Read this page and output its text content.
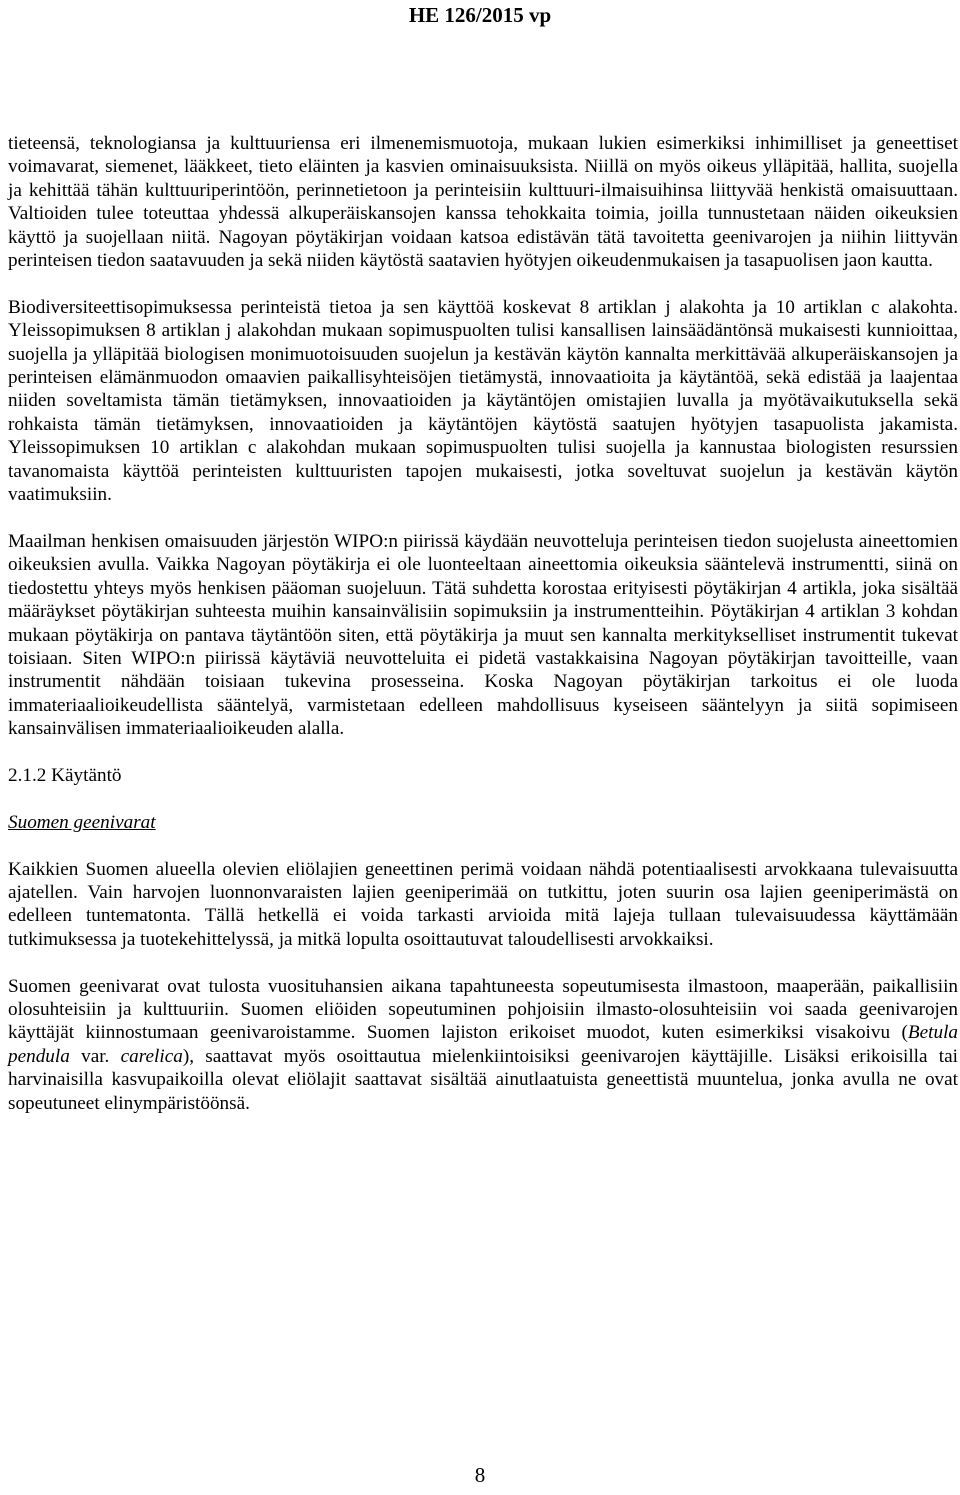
HE 126/2015 vp

tieteensä, teknologiansa ja kulttuuriensa eri ilmenemismuotoja, mukaan lukien esimerkiksi inhimilliset ja geneettiset voimavarat, siemenet, lääkkeet, tieto eläinten ja kasvien ominaisuuksista. Niillä on myös oikeus ylläpitää, hallita, suojella ja kehittää tähän kulttuuriperintöön, perinnetietoon ja perinteisiin kulttuuri-ilmaisuihinsa liittyvää henkistä omaisuuttaan. Valtioiden tulee toteuttaa yhdessä alkuperäiskansojen kanssa tehokkaita toimia, joilla tunnustetaan näiden oikeuksien käyttö ja suojellaan niitä. Nagoyan pöytäkirjan voidaan katsoa edistävän tätä tavoitetta geenivarojen ja niihin liittyvän perinteisen tiedon saatavuuden ja sekä niiden käytöstä saatavien hyötyjen oikeudenmukaisen ja tasapuolisen jaon kautta.

Biodiversiteettisopimuksessa perinteistä tietoa ja sen käyttöä koskevat 8 artiklan j alakohta ja 10 artiklan c alakohta. Yleissopimuksen 8 artiklan j alakohdan mukaan sopimuspuolten tulisi kansallisen lainsäädäntönsä mukaisesti kunnioittaa, suojella ja ylläpitää biologisen monimuotoisuuden suojelun ja kestävän käytön kannalta merkittävää alkuperäiskansojen ja perinteisen elämänmuodon omaavien paikallisyhteisöjen tietämystä, innovaatioita ja käytäntöä, sekä edistää ja laajentaa niiden soveltamista tämän tietämyksen, innovaatioiden ja käytäntöjen omistajien luvalla ja myötävaikutuksella sekä rohkaista tämän tietämyksen, innovaatioiden ja käytäntöjen käytöstä saatujen hyötyjen tasapuolista jakamista. Yleissopimuksen 10 artiklan c alakohdan mukaan sopimuspuolten tulisi suojella ja kannustaa biologisten resurssien tavanomaista käyttöä perinteisten kulttuuristen tapojen mukaisesti, jotka soveltuvat suojelun ja kestävän käytön vaatimuksiin.

Maailman henkisen omaisuuden järjestön WIPO:n piirissä käydään neuvotteluja perinteisen tiedon suojelusta aineettomien oikeuksien avulla. Vaikka Nagoyan pöytäkirja ei ole luonteeltaan aineettomia oikeuksia sääntelevä instrumentti, siinä on tiedostettu yhteys myös henkisen pääoman suojeluun. Tätä suhdetta korostaa erityisesti pöytäkirjan 4 artikla, joka sisältää määräykset pöytäkirjan suhteesta muihin kansainvälisiin sopimuksiin ja instrumentteihin. Pöytäkirjan 4 artiklan 3 kohdan mukaan pöytäkirja on pantava täytäntöön siten, että pöytäkirja ja muut sen kannalta merkitykselliset instrumentit tukevat toisiaan. Siten WIPO:n piirissä käytäviä neuvotteluita ei pidetä vastakkaisina Nagoyan pöytäkirjan tavoitteille, vaan instrumentit nähdään toisiaan tukevina prosesseina. Koska Nagoyan pöytäkirjan tarkoitus ei ole luoda immateriaalioikeudellista sääntelyä, varmistetaan edelleen mahdollisuus kyseiseen sääntelyyn ja siitä sopimiseen kansainvälisen immateriaalioikeuden alalla.

2.1.2 Käytäntö

Suomen geenivarat

Kaikkien Suomen alueella olevien eliölajien geneettinen perimä voidaan nähdä potentiaalisesti arvokkaana tulevaisuutta ajatellen. Vain harvojen luonnonvaraisten lajien geeniperimää on tutkittu, joten suurin osa lajien geeniperimästä on edelleen tuntematonta. Tällä hetkellä ei voida tarkasti arvioida mitä lajeja tullaan tulevaisuudessa käyttämään tutkimuksessa ja tuotekehittelyssä, ja mitkä lopulta osoittautuvat taloudellisesti arvokkaiksi.

Suomen geenivarat ovat tulosta vuosituhansien aikana tapahtuneesta sopeutumisesta ilmastoon, maaperään, paikallisiin olosuhteisiin ja kulttuuriin. Suomen eliöiden sopeutuminen pohjoisiin ilmasto-olosuhteisiin voi saada geenivarojen käyttäjät kiinnostumaan geenivaroistamme. Suomen lajiston erikoiset muodot, kuten esimerkiksi visakoivu (Betula pendula var. carelica), saattavat myös osoittautua mielenkiintoisiksi geenivarojen käyttäjille. Lisäksi erikoisilla tai harvinaisilla kasvupaikoilla olevat eliölajit saattavat sisältää ainutlaatuista geneettistä muuntelua, jonka avulla ne ovat sopeutuneet elinympäristöönsä.

8
